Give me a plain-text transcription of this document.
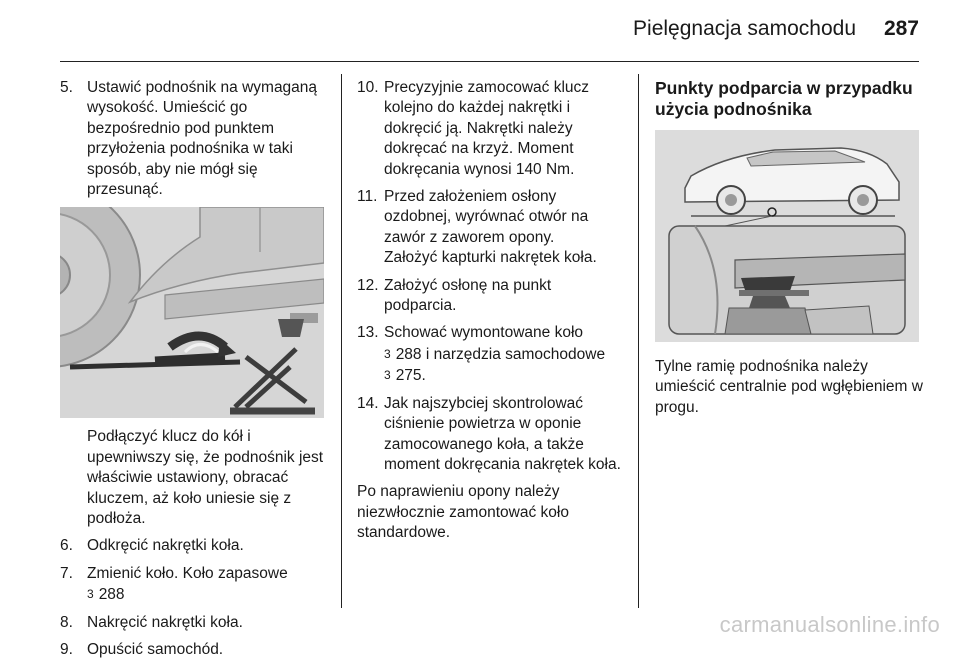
Pielęgnacja samochodu 287
5. Ustawić podnośnik na wymaganą wysokość. Umieścić go bezpośrednio pod punktem przyłożenia podnośnika w taki sposób, aby nie mógł się przesunąć.

Podłączyć klucz do kół i upewniwszy się, że podnośnik jest właściwie ustawiony, obracać kluczem, aż koło uniesie się z podłoża.

6. Odkręcić nakrętki koła.

7. Zmienić koło. Koło zapasowe
3 288

8. Nakręcić nakrętki koła.

9. Opuścić samochód.

10. Precyzyjnie zamocować klucz kolejno do każdej nakrętki i dokręcić ją. Nakrętki należy dokręcać na krzyż. Moment dokręcania wynosi 140 Nm.

11. Przed założeniem osłony ozdobnej, wyrównać otwór na zawór z zaworem opony.

Założyć kapturki nakrętek koła.

12. Założyć osłonę na punkt podparcia.

13. Schować wymontowane koło
3 288 i narzędzia samochodowe
3 275.

14. Jak najszybciej skontrolować ciśnienie powietrza w oponie zamocowanego koła, a także moment dokręcania nakrętek koła.

Po naprawieniu opony należy niezwłocznie zamontować koło standardowe.

Punkty podparcia w przypadku użycia podnośnika

Tylne ramię podnośnika należy umieścić centralnie pod wgłębieniem w progu.

carmanualsonline.info
